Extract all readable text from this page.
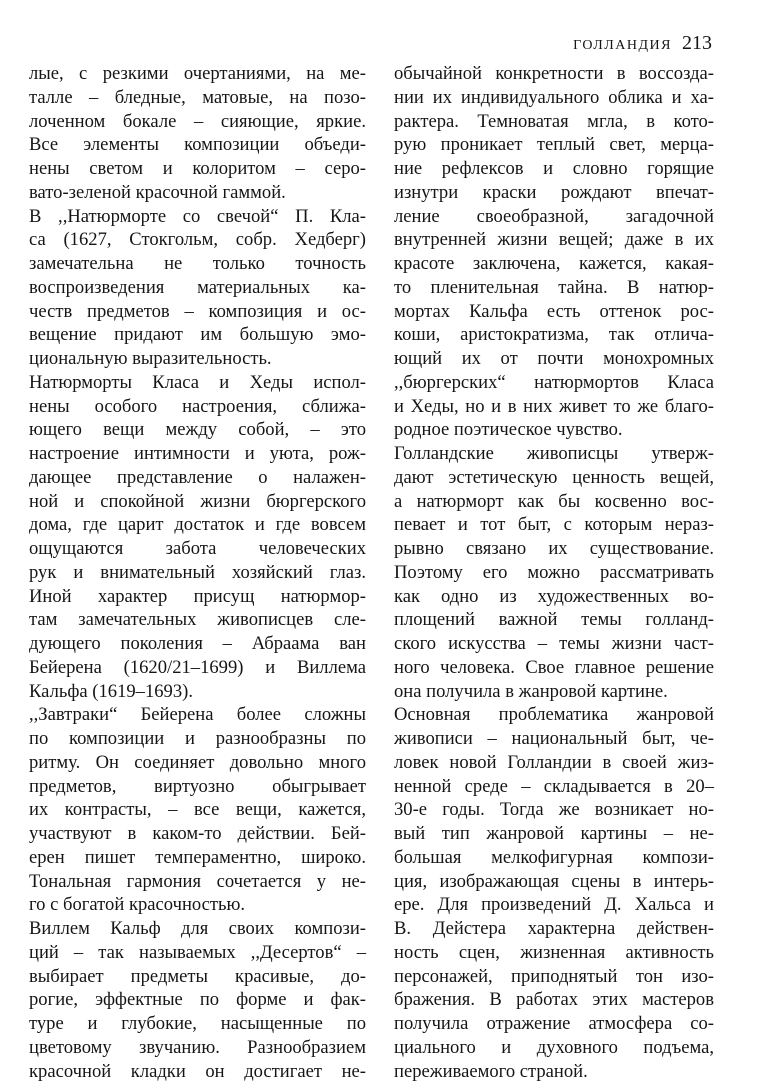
ГОЛЛАНДИЯ 213
лые, с резкими очертаниями, на ме-
талле – бледные, матовые, на позо-
лоченном бокале – сияющие, яркие.
Все элементы композиции объеди-
нены светом и колоритом – серо-
вато-зеленой красочной гаммой.
В ,,Натюрморте со свечой“ П. Кла-
са (1627, Стокгольм, собр. Хедберг)
замечательна не только точность
воспроизведения материальных ка-
честв предметов – композиция и ос-
вещение придают им большую эмо-
циональную выразительность.
Натюрморты Класа и Хеды испол-
нены особого настроения, сближа-
ющего вещи между собой, – это
настроение интимности и уюта, рож-
дающее представление о налажен-
ной и спокойной жизни бюргерского
дома, где царит достаток и где вовсем
ощущаются забота человеческих
рук и внимательный хозяйский глаз.
Иной характер присущ натюрмор-
там замечательных живописцев сле-
дующего поколения – Абраама ван
Бейерена (1620/21–1699) и Виллема
Кальфа (1619–1693).
,,Завтраки“ Бейерена более сложны
по композиции и разнообразны по
ритму. Он соединяет довольно много
предметов, виртуозно обыгрывает
их контрасты, – все вещи, кажется,
участвуют в каком-то действии. Бей-
ерен пишет темпераментно, широко.
Тональная гармония сочетается у не-
го с богатой красочностью.
Виллем Кальф для своих компози-
ций – так называемых ,,Десертов“ –
выбирает предметы красивые, до-
рогие, эффектные по форме и фак-
туре и глубокие, насыщенные по
цветовому звучанию. Разнообразием
красочной кладки он достигает не-
обычайной конкретности в воссозда-
нии их индивидуального облика и ха-
рактера. Темноватая мгла, в кото-
рую проникает теплый свет, мерца-
ние рефлексов и словно горящие
изнутри краски рождают впечат-
ление своеобразной, загадочной
внутренней жизни вещей; даже в их
красоте заключена, кажется, какая-
то пленительная тайна. В натюр-
мортах Кальфа есть оттенок рос-
коши, аристократизма, так отлича-
ющий их от почти монохромных
,,бюргерских“ натюрмортов Класа
и Хеды, но и в них живет то же благо-
родное поэтическое чувство.
Голландские живописцы утверж-
дают эстетическую ценность вещей,
а натюрморт как бы косвенно вос-
певает и тот быт, с которым нераз-
рывно связано их существование.
Поэтому его можно рассматривать
как одно из художественных во-
площений важной темы голланд-
ского искусства – темы жизни част-
ного человека. Свое главное решение
она получила в жанровой картине.
Основная проблематика жанровой
живописи – национальный быт, че-
ловек новой Голландии в своей жиз-
ненной среде – складывается в 20–
30-е годы. Тогда же возникает но-
вый тип жанровой картины – не-
большая мелкофигурная компози-
ция, изображающая сцены в интерь-
ере. Для произведений Д. Хальса и
В. Дейстера характерна действен-
ность сцен, жизненная активность
персонажей, приподнятый тон изо-
бражения. В работах этих мастеров
получила отражение атмосфера со-
циального и духовного подъема,
переживаемого страной.
